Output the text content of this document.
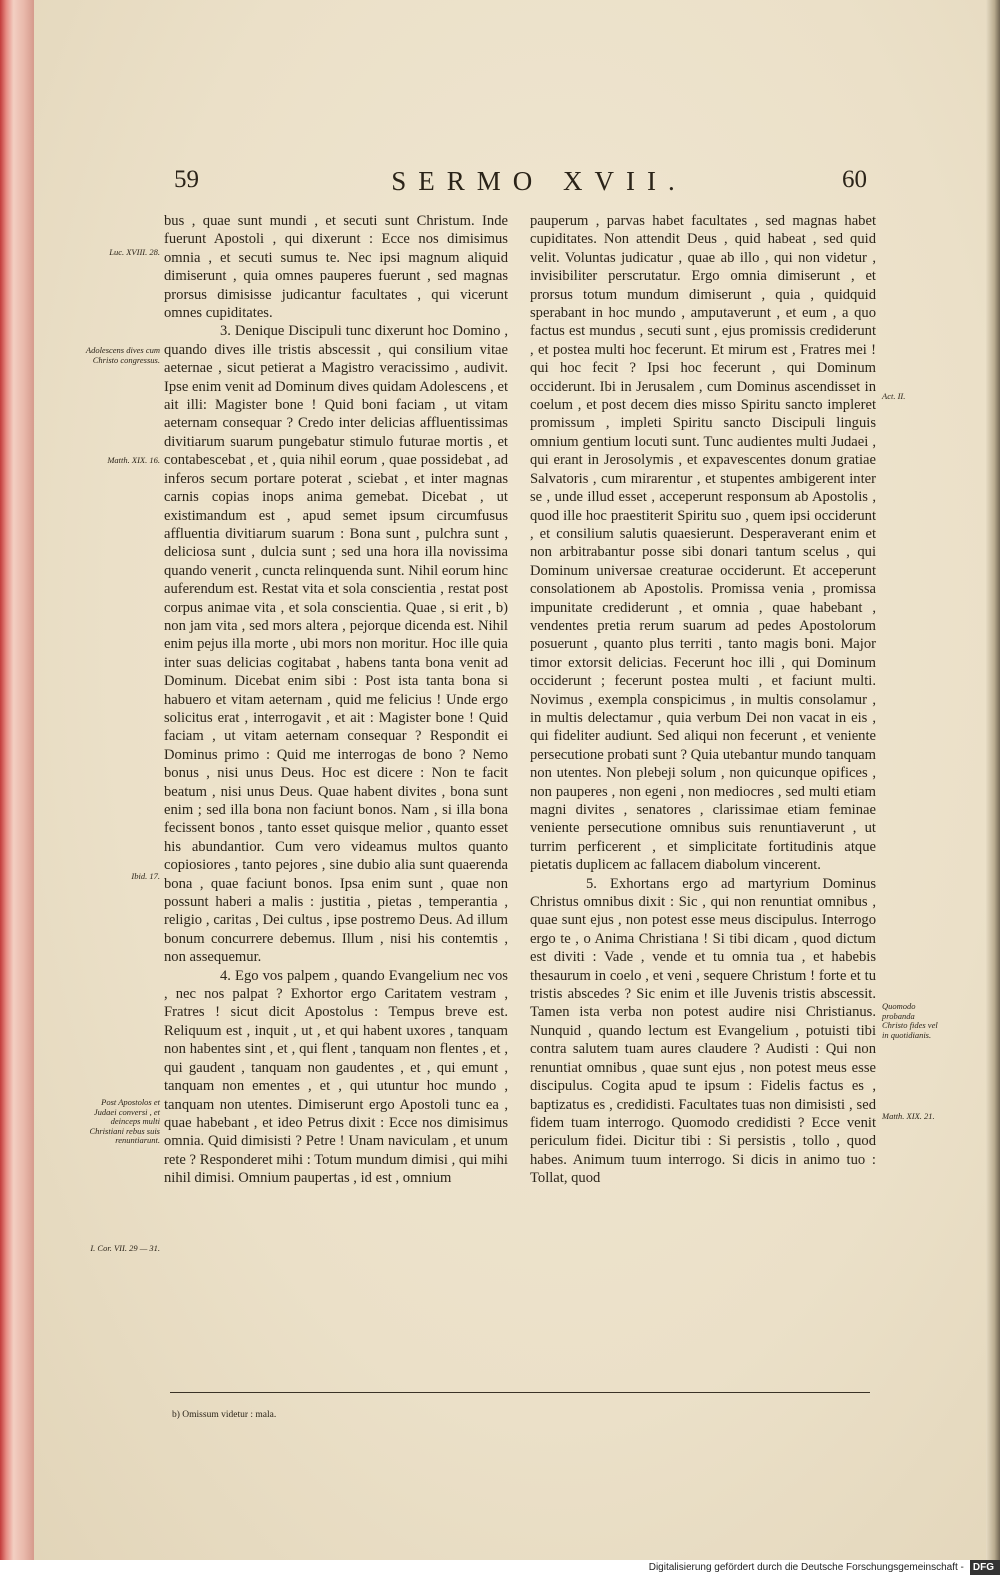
59	SERMO XVII.	60

bus , quae sunt mundi , et secuti sunt Christum. Inde fuerunt Apostoli , qui dixerunt : Ecce nos dimisimus omnia , et secuti sumus te. Nec ipsi magnum aliquid dimiserunt , quia omnes pauperes fuerunt , sed magnas prorsus dimisisse judicantur facultates , qui vicerunt omnes cupiditates.

3. Denique Discipuli tunc dixerunt hoc Domino , quando dives ille tristis abscessit , qui consilium vitae aeternae , sicut petierat a Magistro veracissimo , audivit. Ipse enim venit ad Dominum dives quidam Adolescens , et ait illi: Magister bone ! Quid boni faciam , ut vitam aeternam consequar ? Credo inter delicias affluentissimas divitiarum suarum pungebatur stimulo futurae mortis , et contabescebat , et , quia nihil eorum , quae possidebat , ad inferos secum portare poterat , sciebat , et inter magnas carnis copias inops anima gemebat. Dicebat , ut existimandum est , apud semet ipsum circumfusus affluentia divitiarum suarum : Bona sunt , pulchra sunt , deliciosa sunt , dulcia sunt ; sed una hora illa novissima quando venerit , cuncta relinquenda sunt. Nihil eorum hinc auferendum est. Restat vita et sola conscientia , restat post corpus animae vita , et sola conscientia. Quae , si erit , b) non jam vita , sed mors altera , pejorque dicenda est. Nihil enim pejus illa morte , ubi mors non moritur. Hoc ille quia inter suas delicias cogitabat , habens tanta bona venit ad Dominum. Dicebat enim sibi : Post ista tanta bona si habuero et vitam aeternam , quid me felicius ! Unde ergo solicitus erat , interrogavit , et ait : Magister bone ! Quid faciam , ut vitam aeternam consequar ? Respondit ei Dominus primo : Quid me interrogas de bono ? Nemo bonus , nisi unus Deus. Hoc est dicere : Non te facit beatum , nisi unus Deus. Quae habent divites , bona sunt enim ; sed illa bona non faciunt bonos. Nam , si illa bona fecissent bonos , tanto esset quisque melior , quanto esset his abundantior. Cum vero videamus multos quanto copiosiores , tanto pejores , sine dubio alia sunt quaerenda bona , quae faciunt bonos. Ipsa enim sunt , quae non possunt haberi a malis : justitia , pietas , temperantia , religio , caritas , Dei cultus , ipse postremo Deus. Ad illum bonum concurrere debemus. Illum , nisi his contemtis , non assequemur.

4. Ego vos palpem , quando Evangelium nec vos , nec nos palpat ? Exhortor ergo Caritatem vestram , Fratres ! sicut dicit Apostolus : Tempus breve est. Reliquum est , inquit , ut , et qui habent uxores , tanquam non habentes sint , et , qui flent , tanquam non flentes , et , qui gaudent , tanquam non gaudentes , et , qui emunt , tanquam non ementes , et , qui utuntur hoc mundo , tanquam non utentes. Dimiserunt ergo Apostoli tunc ea , quae habebant , et ideo Petrus dixit : Ecce nos dimisimus omnia. Quid dimisisti ? Petre ! Unam naviculam , et unum rete ? Responderet mihi : Totum mundum dimisi , qui mihi nihil dimisi. Omnium paupertas , id est , omnium

pauperum , parvas habet facultates , sed magnas habet cupiditates. Non attendit Deus , quid habeat , sed quid velit. Voluntas judicatur , quae ab illo , qui non videtur , invisibiliter perscrutatur. Ergo omnia dimiserunt , et prorsus totum mundum dimiserunt , quia , quidquid sperabant in hoc mundo , amputaverunt , et eum , a quo factus est mundus , secuti sunt , ejus promissis crediderunt , et postea multi hoc fecerunt. Et mirum est , Fratres mei ! qui hoc fecit ? Ipsi hoc fecerunt , qui Dominum occiderunt. Ibi in Jerusalem , cum Dominus ascendisset in coelum , et post decem dies misso Spiritu sancto impleret promissum , impleti Spiritu sancto Discipuli linguis omnium gentium locuti sunt. Tunc audientes multi Judaei , qui erant in Jerosolymis , et expavescentes donum gratiae Salvatoris , cum mirarentur , et stupentes ambigerent inter se , unde illud esset , acceperunt responsum ab Apostolis , quod ille hoc praestiterit Spiritu suo , quem ipsi occiderunt , et consilium salutis quaesierunt. Desperaverant enim et non arbitrabantur posse sibi donari tantum scelus , qui Dominum universae creaturae occiderunt. Et acceperunt consolationem ab Apostolis. Promissa venia , promissa impunitate crediderunt , et omnia , quae habebant , vendentes pretia rerum suarum ad pedes Apostolorum posuerunt , quanto plus territi , tanto magis boni. Major timor extorsit delicias. Fecerunt hoc illi , qui Dominum occiderunt ; fecerunt postea multi , et faciunt multi. Novimus , exempla conspicimus , in multis consolamur , in multis delectamur , quia verbum Dei non vacat in eis , qui fideliter audiunt. Sed aliqui non fecerunt , et veniente persecutione probati sunt ? Quia utebantur mundo tanquam non utentes. Non plebeji solum , non quicunque opifices , non pauperes , non egeni , non mediocres , sed multi etiam magni divites , senatores , clarissimae etiam feminae veniente persecutione omnibus suis renuntiaverunt , ut turrim perficerent , et simplicitate fortitudinis atque pietatis duplicem ac fallacem diabolum vincerent.

5. Exhortans ergo ad martyrium Dominus Christus omnibus dixit : Sic , qui non renuntiat omnibus , quae sunt ejus , non potest esse meus discipulus. Interrogo ergo te , o Anima Christiana ! Si tibi dicam , quod dictum est diviti : Vade , vende et tu omnia tua , et habebis thesaurum in coelo , et veni , sequere Christum ! forte et tu tristis abscedes ? Sic enim et ille Juvenis tristis abscessit. Tamen ista verba non potest audire nisi Christianus. Nunquid , quando lectum est Evangelium , potuisti tibi contra salutem tuam aures claudere ? Audisti : Qui non renuntiat omnibus , quae sunt ejus , non potest meus esse discipulus. Cogita apud te ipsum : Fidelis factus es , baptizatus es , credidisti. Facultates tuas non dimisisti , sed fidem tuam interrogo. Quomodo credidisti ? Ecce venit periculum fidei. Dicitur tibi : Si persistis , tollo , quod habes. Animum tuum interrogo. Si dicis in animo tuo : Tollat, quod

Luc. XVIII. 28.
Adolescens dives cum Christo congressus.
Matth. XIX. 16.
Ibid. 17.
Post Apostolos et Judaei conversi , et deinceps multi Christiani rebus suis renuntiarunt.
I. Cor. VII. 29 — 31.
Act. II.
Quomodo probanda Christo fides vel in quotidianis.
Matth. XIX. 21.
b) Omissum videtur : mala.
Digitalisierung gefördert durch die Deutsche Forschungsgemeinschaft - DFG
